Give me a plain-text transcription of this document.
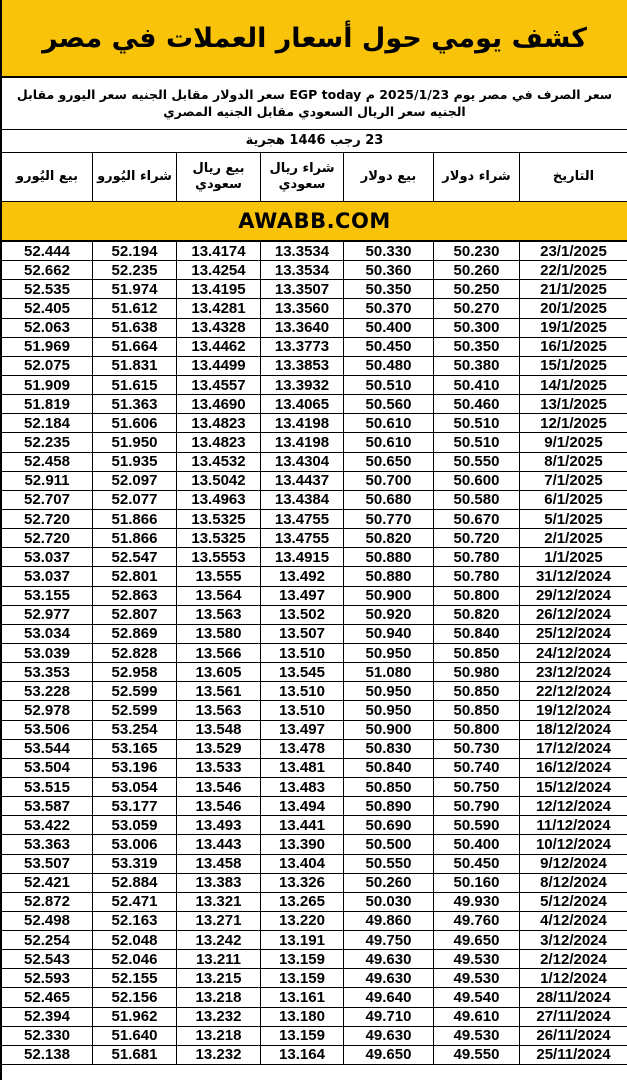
كشف يومي حول أسعار العملات في مصر
سعر الصرف في مصر يوم 2025/1/23 م EGP today سعر الدولار مقابل الجنيه سعر اليورو مقابل الجنيه سعر الريال السعودي مقابل الجنيه المصري
23 رجب 1446 هجرية
التاريخ
شراء دولار
بيع دولار
شراء ريال سعودي
بيع ريال سعودي
شراء اليُورو
بيع اليُورو
AWABB.COM
23/1/2025
50.230
50.330
13.3534
13.4174
52.194
52.444
22/1/2025
50.260
50.360
13.3534
13.4254
52.235
52.662
21/1/2025
50.250
50.350
13.3507
13.4195
51.974
52.535
20/1/2025
50.270
50.370
13.3560
13.4281
51.612
52.405
19/1/2025
50.300
50.400
13.3640
13.4328
51.638
52.063
16/1/2025
50.350
50.450
13.3773
13.4462
51.664
51.969
15/1/2025
50.380
50.480
13.3853
13.4499
51.831
52.075
14/1/2025
50.410
50.510
13.3932
13.4557
51.615
51.909
13/1/2025
50.460
50.560
13.4065
13.4690
51.363
51.819
12/1/2025
50.510
50.610
13.4198
13.4823
51.606
52.184
9/1/2025
50.510
50.610
13.4198
13.4823
51.950
52.235
8/1/2025
50.550
50.650
13.4304
13.4532
51.935
52.458
7/1/2025
50.600
50.700
13.4437
13.5042
52.097
52.911
6/1/2025
50.580
50.680
13.4384
13.4963
52.077
52.707
5/1/2025
50.670
50.770
13.4755
13.5325
51.866
52.720
2/1/2025
50.720
50.820
13.4755
13.5325
51.866
52.720
1/1/2025
50.780
50.880
13.4915
13.5553
52.547
53.037
31/12/2024
50.780
50.880
13.492
13.555
52.801
53.037
29/12/2024
50.800
50.900
13.497
13.564
52.863
53.155
26/12/2024
50.820
50.920
13.502
13.563
52.807
52.977
25/12/2024
50.840
50.940
13.507
13.580
52.869
53.034
24/12/2024
50.850
50.950
13.510
13.566
52.828
53.039
23/12/2024
50.980
51.080
13.545
13.605
52.958
53.353
22/12/2024
50.850
50.950
13.510
13.561
52.599
53.228
19/12/2024
50.850
50.950
13.510
13.563
52.599
52.978
18/12/2024
50.800
50.900
13.497
13.548
53.254
53.506
17/12/2024
50.730
50.830
13.478
13.529
53.165
53.544
16/12/2024
50.740
50.840
13.481
13.533
53.196
53.504
15/12/2024
50.750
50.850
13.483
13.546
53.054
53.515
12/12/2024
50.790
50.890
13.494
13.546
53.177
53.587
11/12/2024
50.590
50.690
13.441
13.493
53.059
53.422
10/12/2024
50.400
50.500
13.390
13.443
53.006
53.363
9/12/2024
50.450
50.550
13.404
13.458
53.319
53.507
8/12/2024
50.160
50.260
13.326
13.383
52.884
52.421
5/12/2024
49.930
50.030
13.265
13.321
52.471
52.872
4/12/2024
49.760
49.860
13.220
13.271
52.163
52.498
3/12/2024
49.650
49.750
13.191
13.242
52.048
52.254
2/12/2024
49.530
49.630
13.159
13.211
52.046
52.543
1/12/2024
49.530
49.630
13.159
13.215
52.155
52.593
28/11/2024
49.540
49.640
13.161
13.218
52.156
52.465
27/11/2024
49.610
49.710
13.180
13.232
51.962
52.394
26/11/2024
49.530
49.630
13.159
13.218
51.640
52.330
25/11/2024
49.550
49.650
13.164
13.232
51.681
52.138
